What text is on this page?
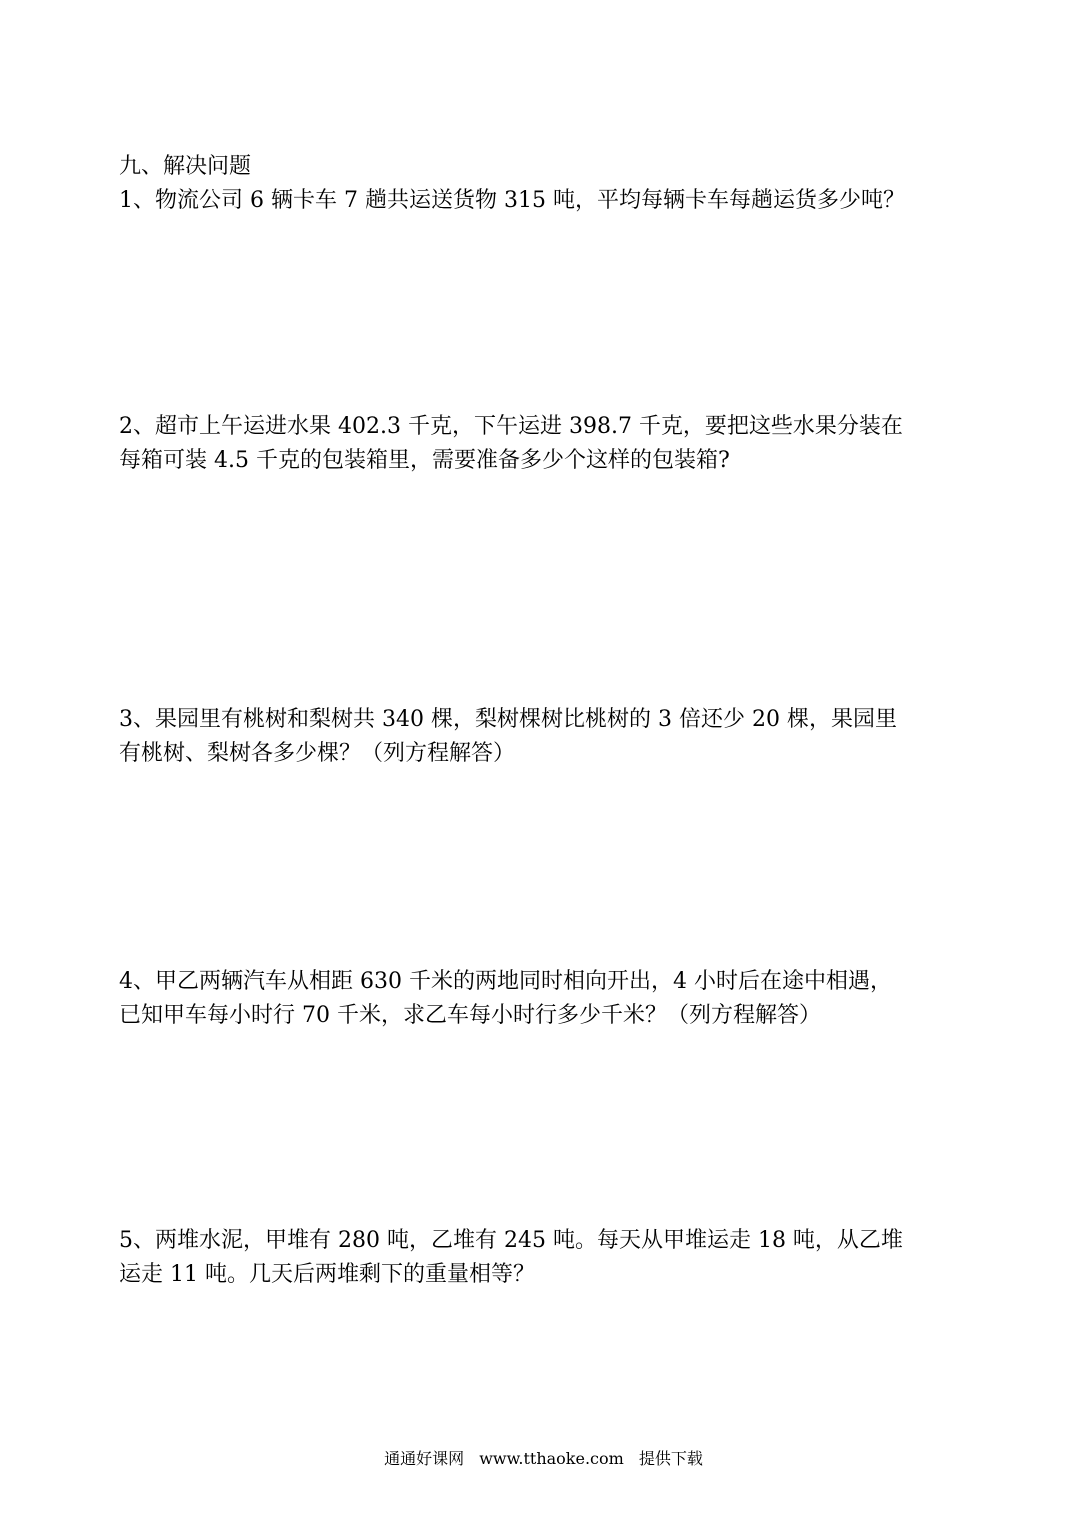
九、解决问题

1、物流公司 6 辆卡车 7 趟共运送货物 315 吨，平均每辆卡车每趟运货多少吨？

2、超市上午运进水果 402.3 千克，下午运进 398.7 千克，要把这些水果分装在

每箱可装 4.5 千克的包装箱里，需要准备多少个这样的包装箱?

3、果园里有桃树和梨树共 340 棵，梨树棵树比桃树的 3 倍还少 20 棵，果园里

有桃树、梨树各多少棵？（列方程解答）

4、甲乙两辆汽车从相距 630 千米的两地同时相向开出，4 小时后在途中相遇，

已知甲车每小时行 70 千米，求乙车每小时行多少千米？（列方程解答）

5、两堆水泥，甲堆有 280 吨，乙堆有 245 吨。每天从甲堆运走 18 吨，从乙堆

运走 11 吨。几天后两堆剩下的重量相等？

通通好课网 www.tthaoke.com 提供下载
